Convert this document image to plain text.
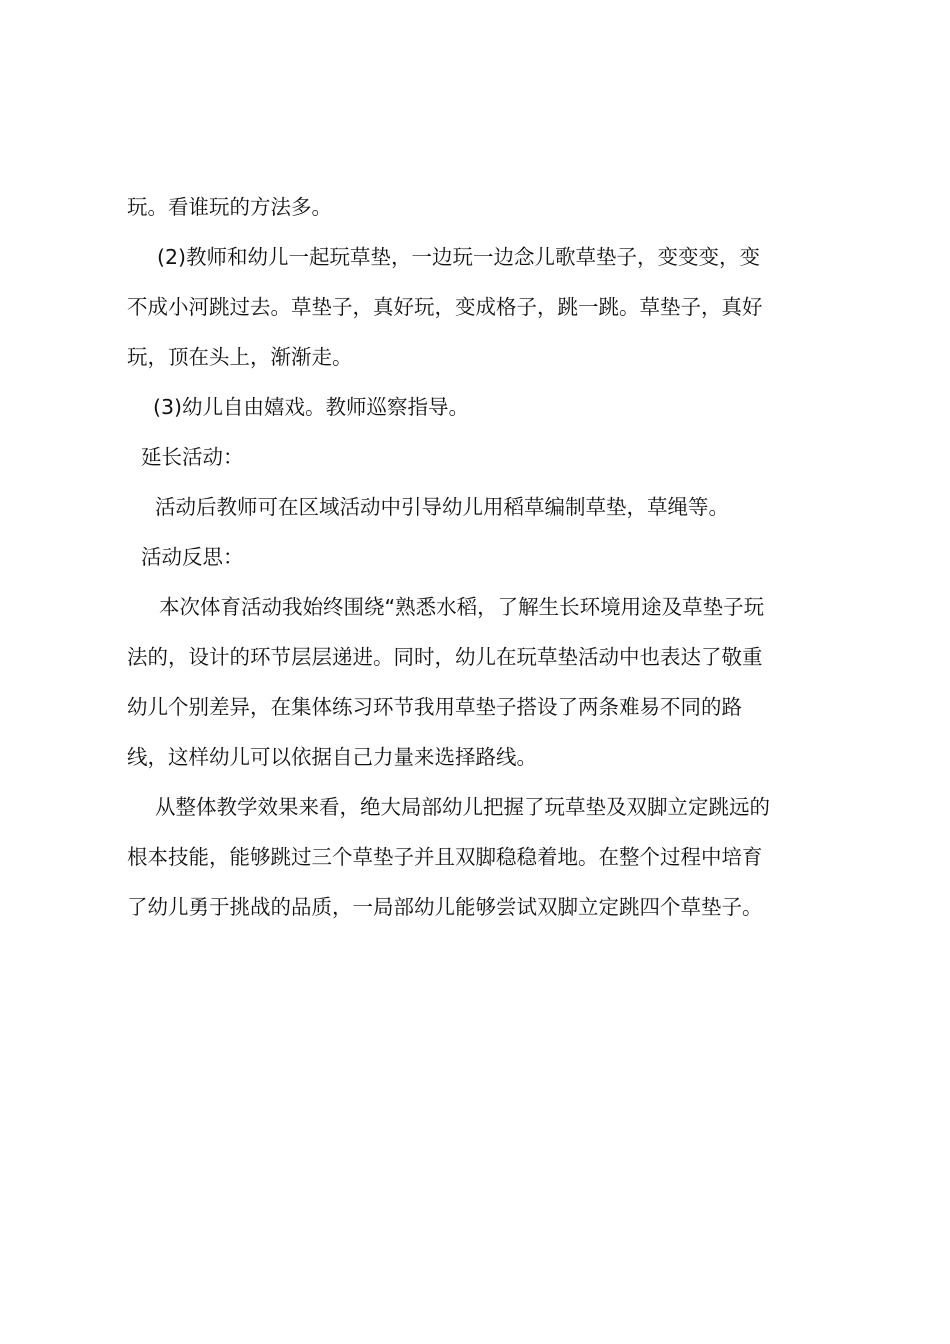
玩。看谁玩的方法多。

(2)教师和幼儿一起玩草垫，一边玩一边念儿歌草垫子，变变变，变

不成小河跳过去。草垫子，真好玩，变成格子，跳一跳。草垫子，真好

玩，顶在头上，渐渐走。

(3)幼儿自由嬉戏。教师巡察指导。

延长活动：

活动后教师可在区域活动中引导幼儿用稻草编制草垫，草绳等。

活动反思：

本次体育活动我始终围绕“熟悉水稻，了解生长环境用途及草垫子玩

法的，设计的环节层层递进。同时，幼儿在玩草垫活动中也表达了敬重

幼儿个别差异，在集体练习环节我用草垫子搭设了两条难易不同的路

线，这样幼儿可以依据自己力量来选择路线。

从整体教学效果来看，绝大局部幼儿把握了玩草垫及双脚立定跳远的

根本技能，能够跳过三个草垫子并且双脚稳稳着地。在整个过程中培育

了幼儿勇于挑战的品质，一局部幼儿能够尝试双脚立定跳四个草垫子。
